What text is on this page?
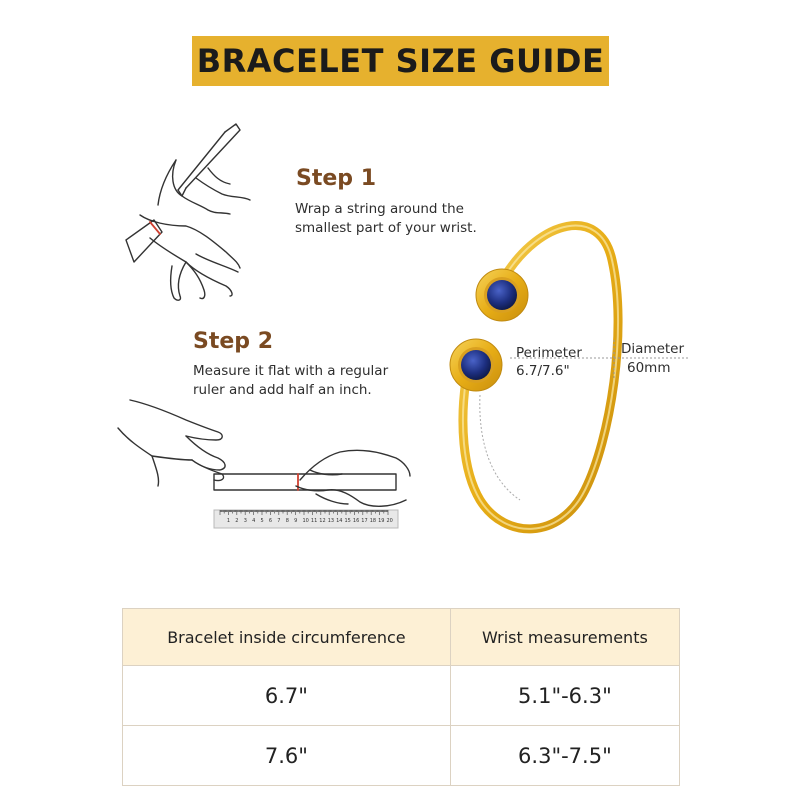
BRACELET SIZE GUIDE
1 2 3 4 5 6 7 8 9 10 11 12 13 14 15 16 17 18 19 20
Step 1
Wrap a string around the
smallest part of your wrist.
Step 2
Measure it flat with a regular
ruler and add half an inch.
Perimeter
6.7/7.6"
Diameter
60mm
Bracelet inside circumference	Wrist measurements
6.7"	5.1"-6.3"
7.6"	6.3"-7.5"
